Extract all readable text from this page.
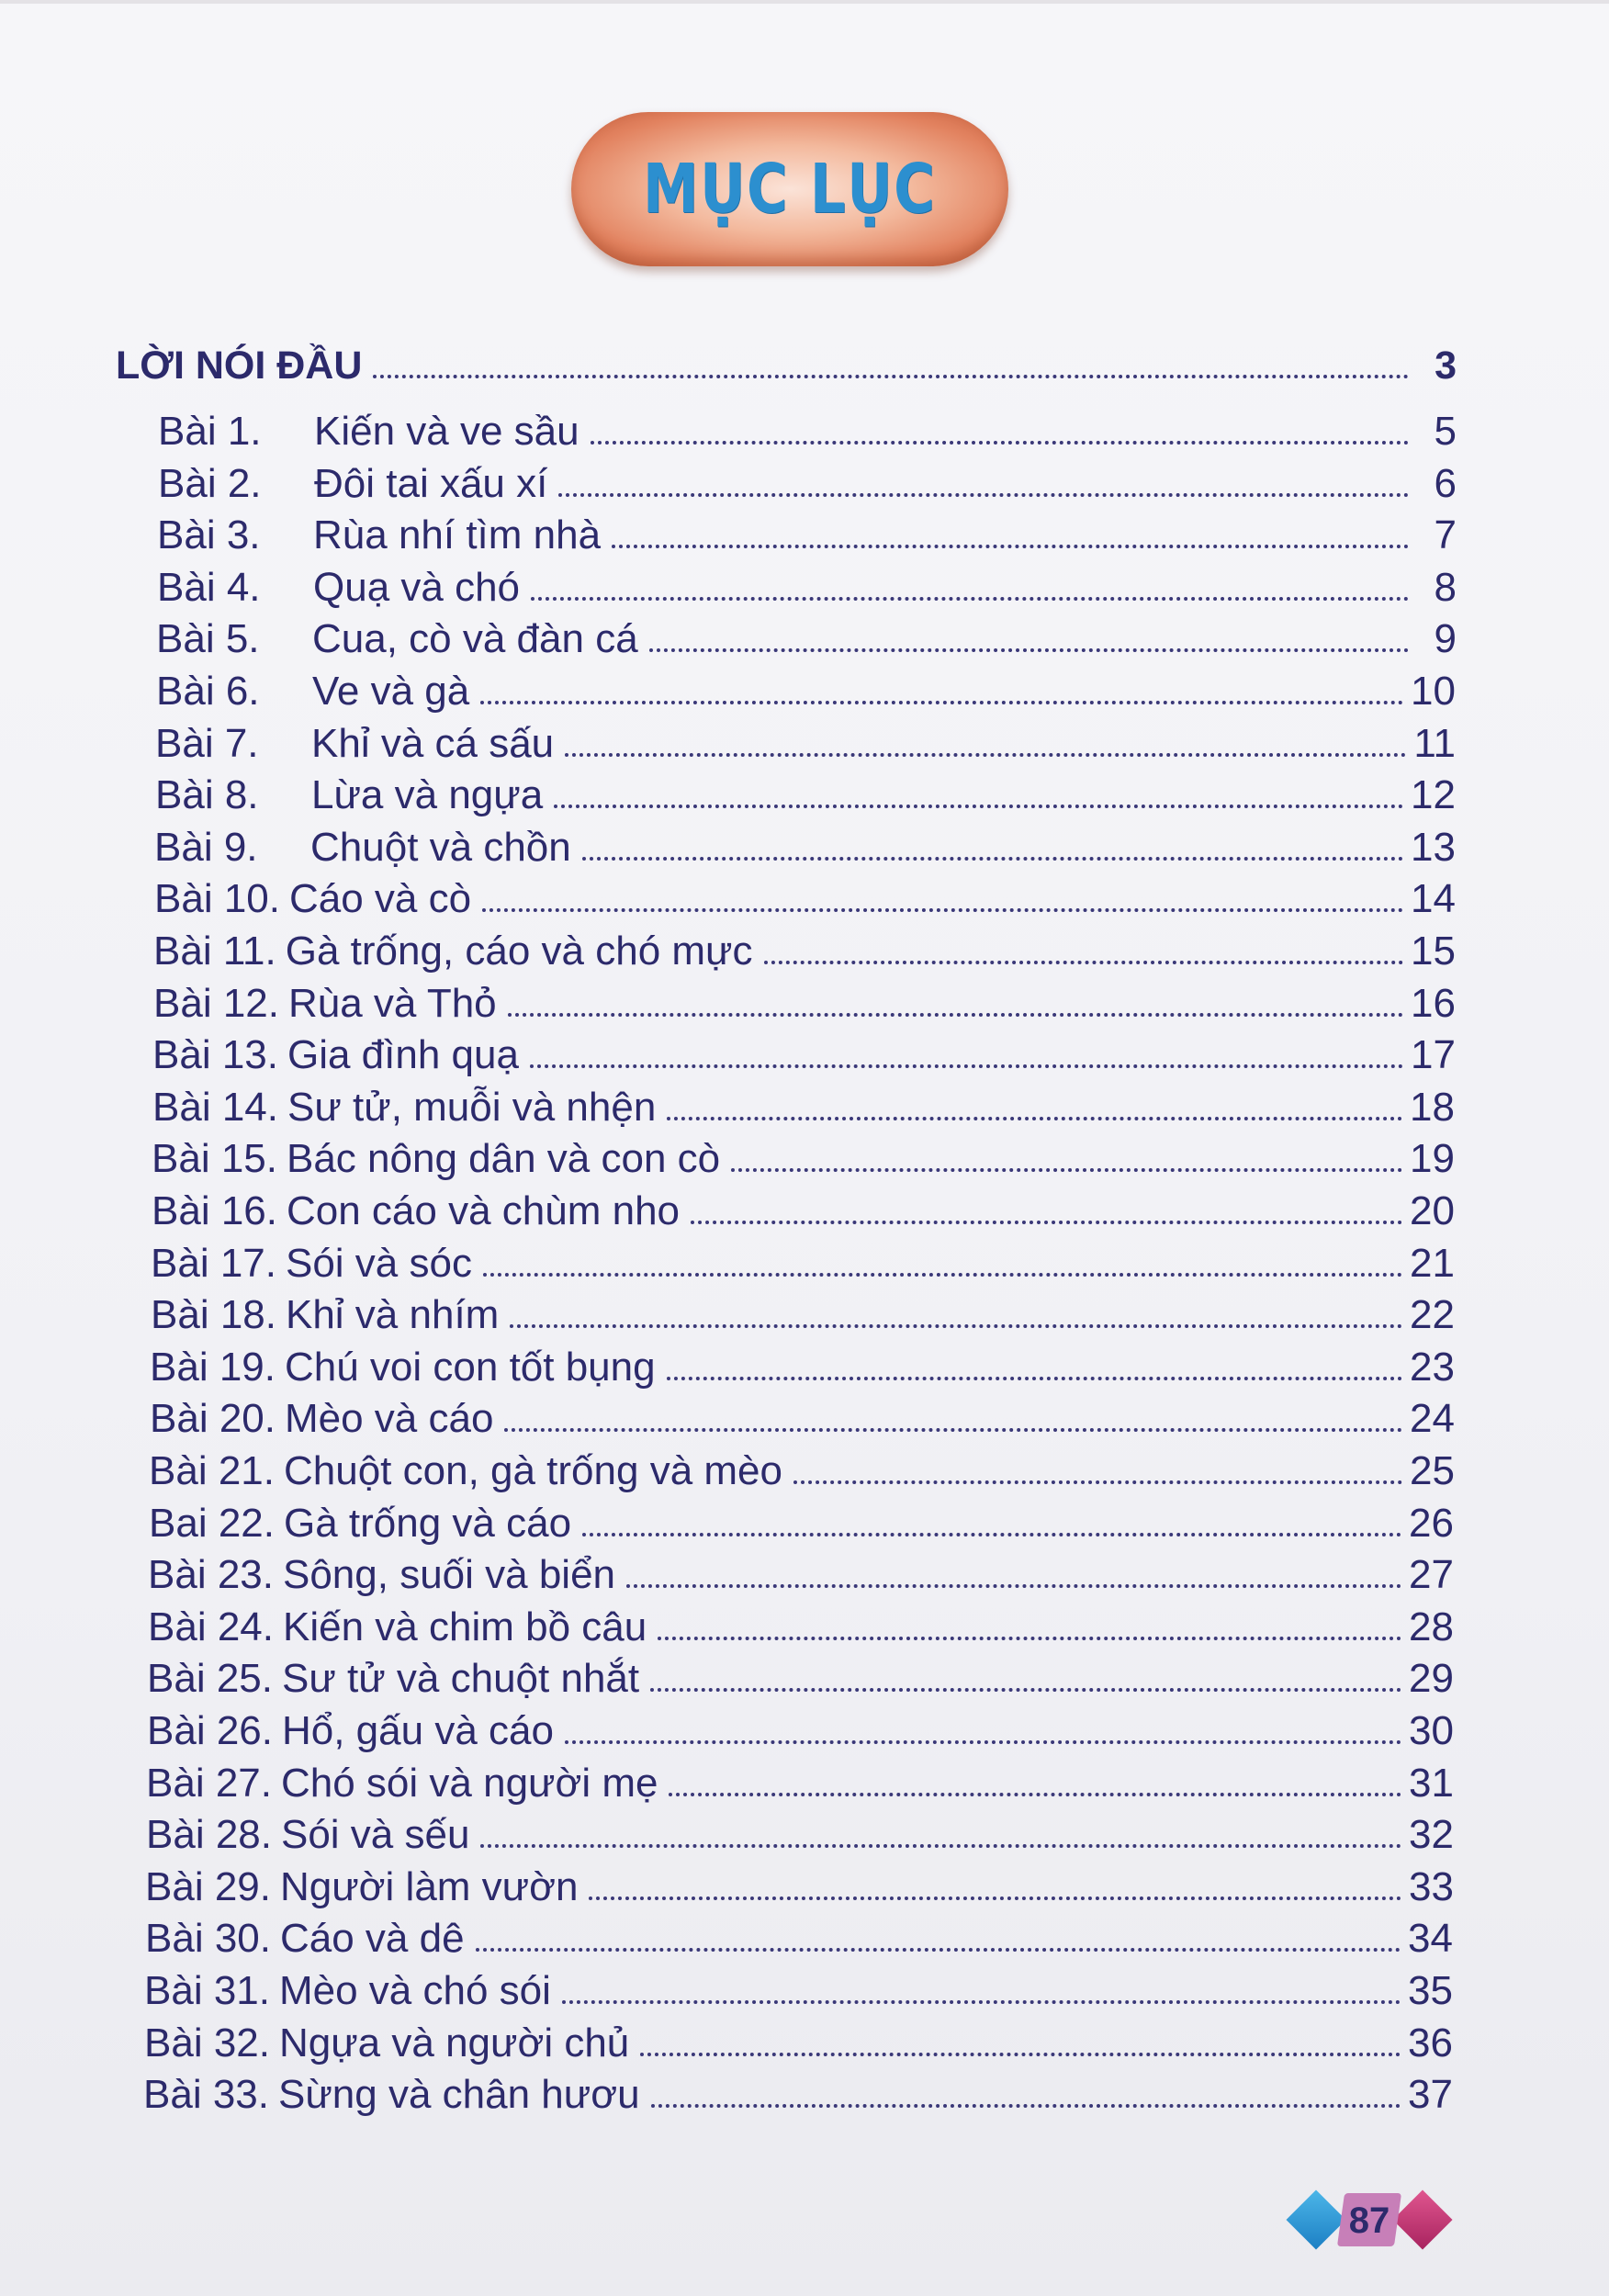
MỤC LỤC
LỜI NÓI ĐẦU	3
Bài 1. Kiến và ve sầu	5
Bài 2. Đôi tai xấu xí	6
Bài 3. Rùa nhí tìm nhà	7
Bài 4. Quạ và chó	8
Bài 5. Cua, cò và đàn cá	9
Bài 6. Ve và gà	10
Bài 7. Khỉ và cá sấu	11
Bài 8. Lừa và ngựa	12
Bài 9. Chuột và chồn	13
Bài 10. Cáo và cò	14
Bài 11. Gà trống, cáo và chó mực	15
Bài 12. Rùa và Thỏ	16
Bài 13. Gia đình quạ	17
Bài 14. Sư tử, muỗi và nhện	18
Bài 15. Bác nông dân và con cò	19
Bài 16. Con cáo và chùm nho	20
Bài 17. Sói và sóc	21
Bài 18. Khỉ và nhím	22
Bài 19. Chú voi con tốt bụng	23
Bài 20. Mèo và cáo	24
Bài 21. Chuột con, gà trống và mèo	25
Bai 22. Gà trống và cáo	26
Bài 23. Sông, suối và biển	27
Bài 24. Kiến và chim bồ câu	28
Bài 25. Sư tử và chuột nhắt	29
Bài 26. Hổ, gấu và cáo	30
Bài 27. Chó sói và người mẹ	31
Bài 28. Sói và sếu	32
Bài 29. Người làm vườn	33
Bài 30. Cáo và dê	34
Bài 31. Mèo và chó sói	35
Bài 32. Ngựa và người chủ	36
Bài 33. Sừng và chân hươu	37
87
